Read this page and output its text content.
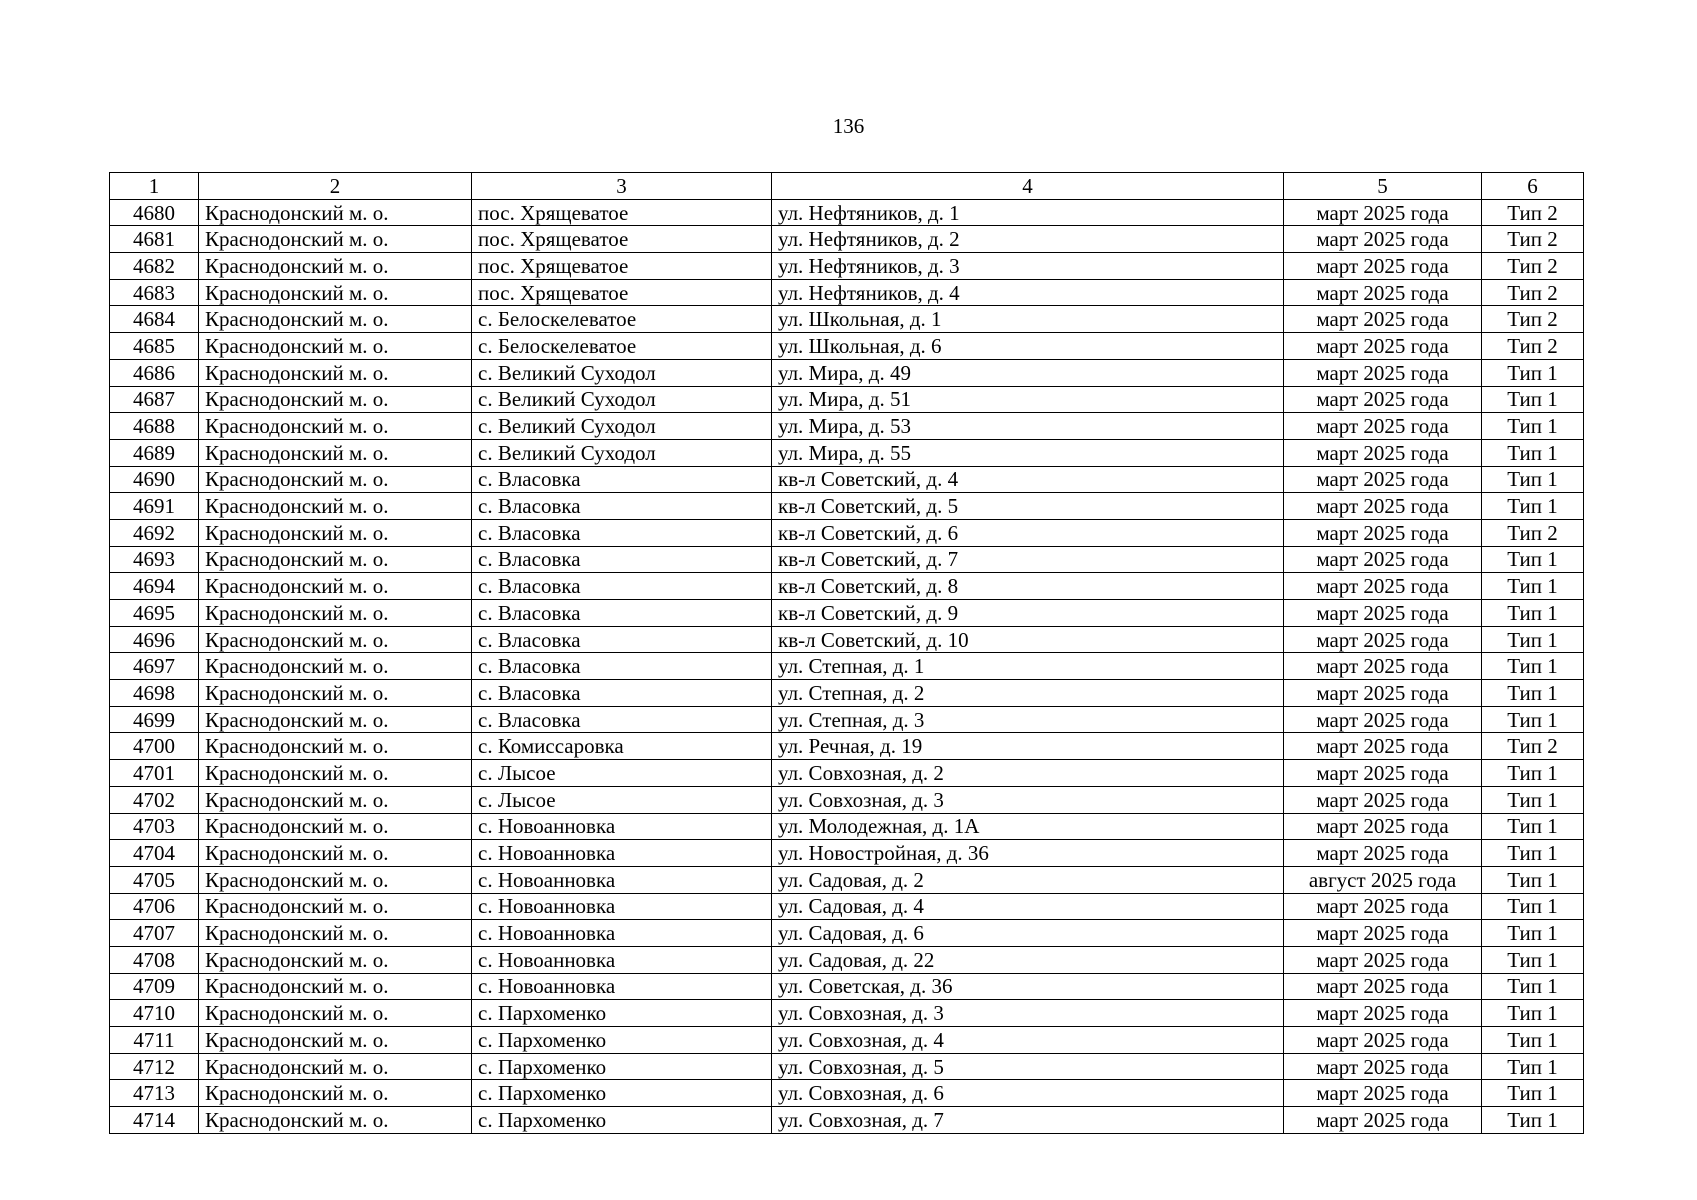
136
1	2	3	4	5	6
4680	Краснодонский м. о.	пос. Хрящеватое	ул. Нефтяников, д. 1	март 2025 года	Тип 2
4681	Краснодонский м. о.	пос. Хрящеватое	ул. Нефтяников, д. 2	март 2025 года	Тип 2
4682	Краснодонский м. о.	пос. Хрящеватое	ул. Нефтяников, д. 3	март 2025 года	Тип 2
4683	Краснодонский м. о.	пос. Хрящеватое	ул. Нефтяников, д. 4	март 2025 года	Тип 2
4684	Краснодонский м. о.	с. Белоскелеватое	ул. Школьная, д. 1	март 2025 года	Тип 2
4685	Краснодонский м. о.	с. Белоскелеватое	ул. Школьная, д. 6	март 2025 года	Тип 2
4686	Краснодонский м. о.	с. Великий Суходол	ул. Мира, д. 49	март 2025 года	Тип 1
4687	Краснодонский м. о.	с. Великий Суходол	ул. Мира, д. 51	март 2025 года	Тип 1
4688	Краснодонский м. о.	с. Великий Суходол	ул. Мира, д. 53	март 2025 года	Тип 1
4689	Краснодонский м. о.	с. Великий Суходол	ул. Мира, д. 55	март 2025 года	Тип 1
4690	Краснодонский м. о.	с. Власовка	кв-л Советский, д. 4	март 2025 года	Тип 1
4691	Краснодонский м. о.	с. Власовка	кв-л Советский, д. 5	март 2025 года	Тип 1
4692	Краснодонский м. о.	с. Власовка	кв-л Советский, д. 6	март 2025 года	Тип 2
4693	Краснодонский м. о.	с. Власовка	кв-л Советский, д. 7	март 2025 года	Тип 1
4694	Краснодонский м. о.	с. Власовка	кв-л Советский, д. 8	март 2025 года	Тип 1
4695	Краснодонский м. о.	с. Власовка	кв-л Советский, д. 9	март 2025 года	Тип 1
4696	Краснодонский м. о.	с. Власовка	кв-л Советский, д. 10	март 2025 года	Тип 1
4697	Краснодонский м. о.	с. Власовка	ул. Степная, д. 1	март 2025 года	Тип 1
4698	Краснодонский м. о.	с. Власовка	ул. Степная, д. 2	март 2025 года	Тип 1
4699	Краснодонский м. о.	с. Власовка	ул. Степная, д. 3	март 2025 года	Тип 1
4700	Краснодонский м. о.	с. Комиссаровка	ул. Речная, д. 19	март 2025 года	Тип 2
4701	Краснодонский м. о.	с. Лысое	ул. Совхозная, д. 2	март 2025 года	Тип 1
4702	Краснодонский м. о.	с. Лысое	ул. Совхозная, д. 3	март 2025 года	Тип 1
4703	Краснодонский м. о.	с. Новоанновка	ул. Молодежная, д. 1А	март 2025 года	Тип 1
4704	Краснодонский м. о.	с. Новоанновка	ул. Новостройная, д. 36	март 2025 года	Тип 1
4705	Краснодонский м. о.	с. Новоанновка	ул. Садовая, д. 2	август 2025 года	Тип 1
4706	Краснодонский м. о.	с. Новоанновка	ул. Садовая, д. 4	март 2025 года	Тип 1
4707	Краснодонский м. о.	с. Новоанновка	ул. Садовая, д. 6	март 2025 года	Тип 1
4708	Краснодонский м. о.	с. Новоанновка	ул. Садовая, д. 22	март 2025 года	Тип 1
4709	Краснодонский м. о.	с. Новоанновка	ул. Советская, д. 36	март 2025 года	Тип 1
4710	Краснодонский м. о.	с. Пархоменко	ул. Совхозная, д. 3	март 2025 года	Тип 1
4711	Краснодонский м. о.	с. Пархоменко	ул. Совхозная, д. 4	март 2025 года	Тип 1
4712	Краснодонский м. о.	с. Пархоменко	ул. Совхозная, д. 5	март 2025 года	Тип 1
4713	Краснодонский м. о.	с. Пархоменко	ул. Совхозная, д. 6	март 2025 года	Тип 1
4714	Краснодонский м. о.	с. Пархоменко	ул. Совхозная, д. 7	март 2025 года	Тип 1
